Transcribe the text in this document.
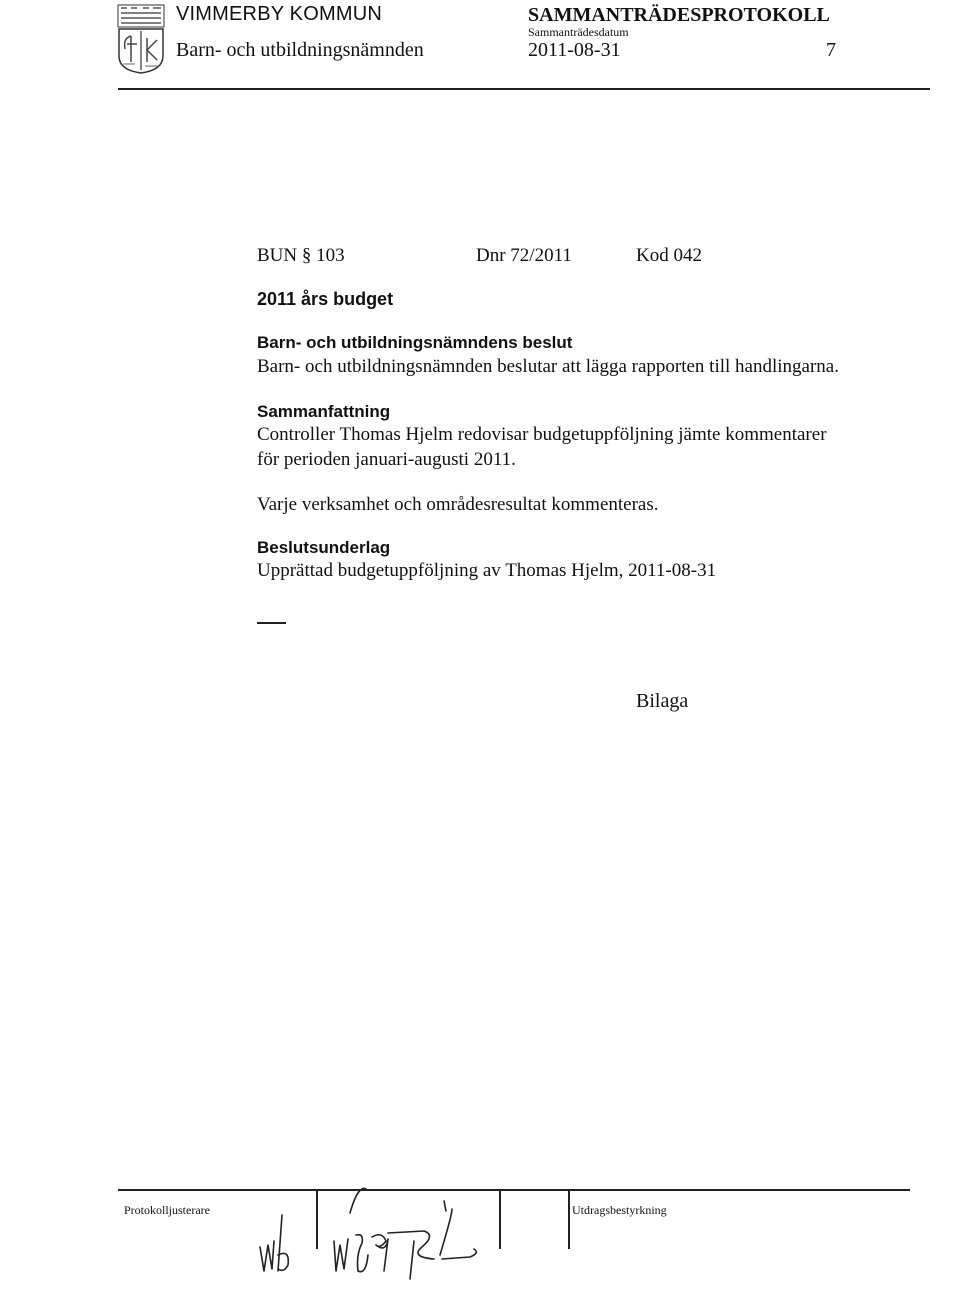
VIMMERBY KOMMUN
Barn- och utbildningsnämnden
SAMMANTRÄDESPROTOKOLL
Sammanträdesdatum
2011-08-31	7
BUN § 103	Dnr 72/2011	Kod 042
2011 års budget
Barn- och utbildningsnämndens beslut
Barn- och utbildningsnämnden beslutar att lägga rapporten till handlingarna.
Sammanfattning
Controller Thomas Hjelm redovisar budgetuppföljning jämte kommentarer
för perioden januari-augusti 2011.
Varje verksamhet och områdesresultat kommenteras.
Beslutsunderlag
Upprättad budgetuppföljning av Thomas Hjelm, 2011-08-31
Bilaga
Protokolljusterare	Utdragsbestyrkning
